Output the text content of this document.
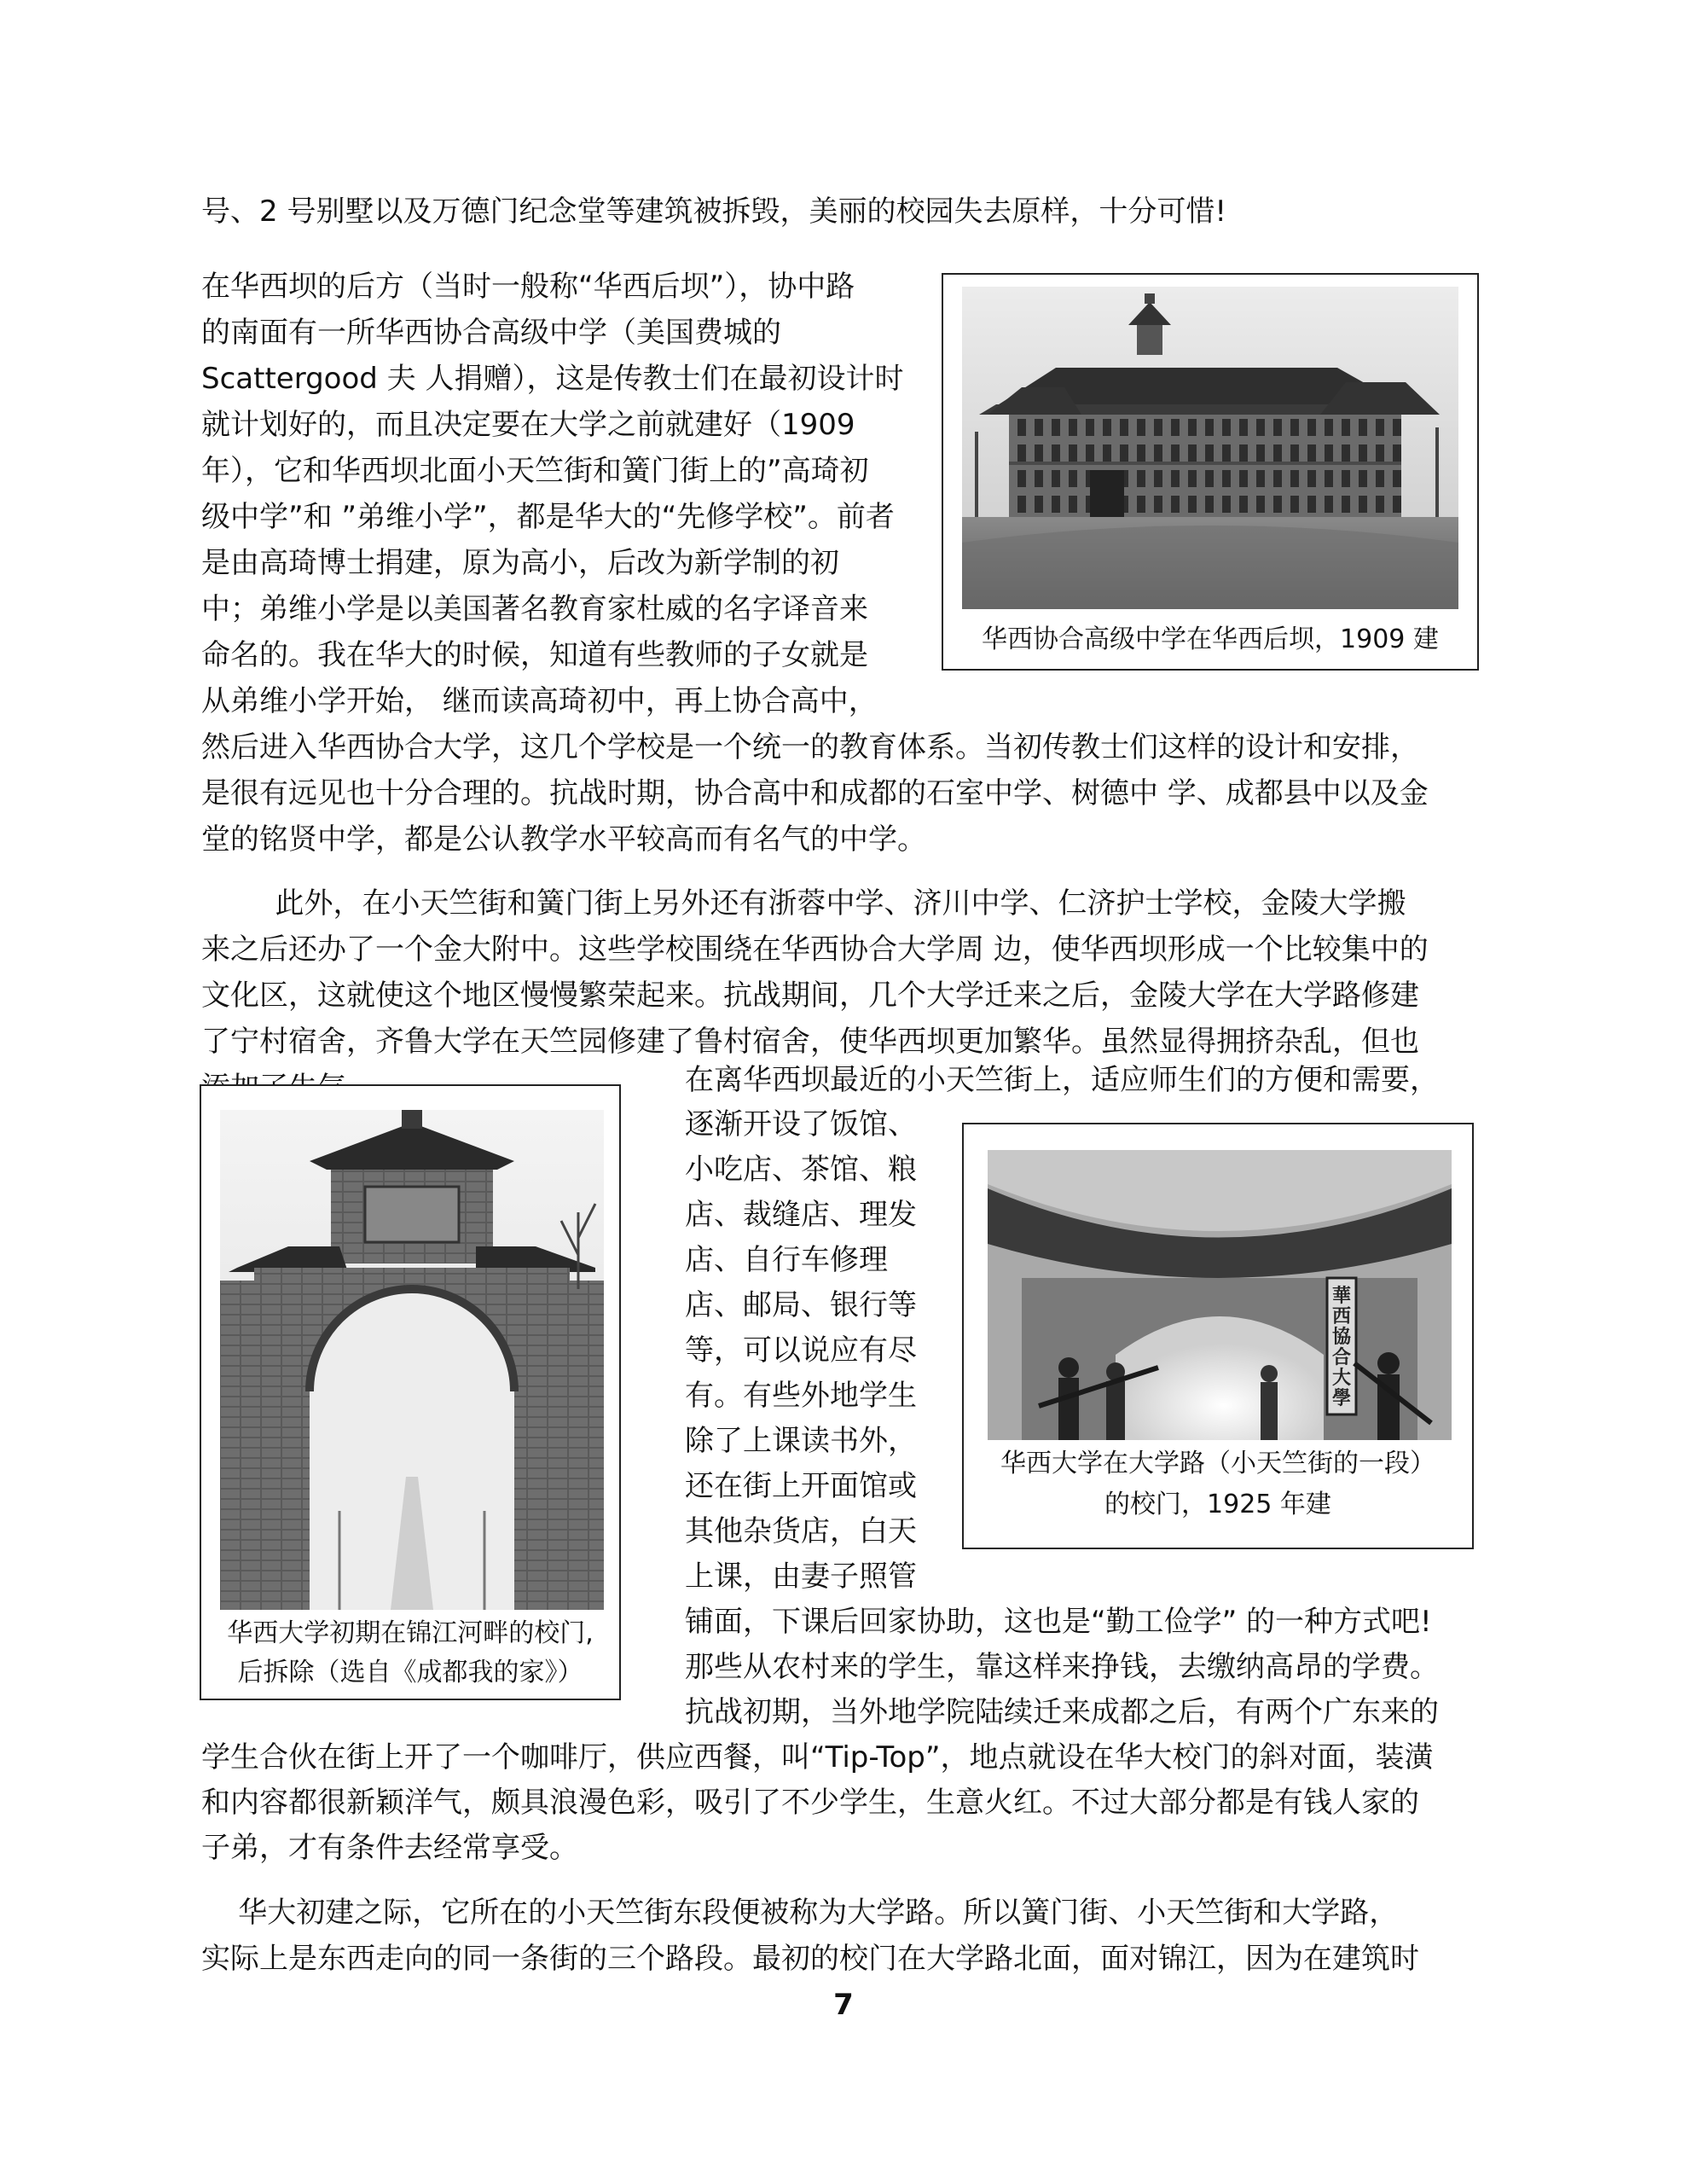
号、2 号别墅以及万德门纪念堂等建筑被拆毁，美丽的校园失去原样，十分可惜!
在华西坝的后方（当时一般称“华西后坝”），协中路
的南面有一所华西协合高级中学（美国费城的
Scattergood 夫 人捐赠），这是传教士们在最初设计时
就计划好的，而且决定要在大学之前就建好（1909
年），它和华西坝北面小天竺街和簧门街上的”高琦初
级中学”和 ”弟维小学”，都是华大的“先修学校”。前者
是由高琦博士捐建，原为高小，后改为新学制的初
中；弟维小学是以美国著名教育家杜威的名字译音来
命名的。我在华大的时候，知道有些教师的子女就是
从弟维小学开始， 继而读高琦初中，再上协合高中，
然后进入华西协合大学，这几个学校是一个统一的教育体系。当初传教士们这样的设计和安排，
是很有远见也十分合理的。抗战时期，协合高中和成都的石室中学、树德中 学、成都县中以及金
堂的铭贤中学，都是公认教学水平较高而有名气的中学。
此外，在小天竺街和簧门街上另外还有浙蓉中学、济川中学、仁济护士学校，金陵大学搬
来之后还办了一个金大附中。这些学校围绕在华西协合大学周 边，使华西坝形成一个比较集中的
文化区，这就使这个地区慢慢繁荣起来。抗战期间，几个大学迁来之后，金陵大学在大学路修建
了宁村宿舍，齐鲁大学在天竺园修建了鲁村宿舍，使华西坝更加繁华。虽然显得拥挤杂乱，但也
在离华西坝最近的小天竺街上，适应师生们的方便和需要，
逐渐开设了饭馆、
小吃店、茶馆、粮
店、裁缝店、理发
店、自行车修理
店、邮局、银行等
等，可以说应有尽
有。有些外地学生
除了上课读书外，
还在街上开面馆或
其他杂货店，白天
上课，由妻子照管
铺面，下课后回家协助，这也是“勤工俭学” 的一种方式吧!
那些从农村来的学生，靠这样来挣钱，去缴纳高昂的学费。
抗战初期，当外地学院陆续迁来成都之后，有两个广东来的
学生合伙在街上开了一个咖啡厅，供应西餐，叫“Tip-Top”，地点就设在华大校门的斜对面，装潢
和内容都很新颖洋气，颇具浪漫色彩，吸引了不少学生，生意火红。不过大部分都是有钱人家的
子弟，才有条件去经常享受。
华大初建之际，它所在的小天竺街东段便被称为大学路。所以簧门街、小天竺街和大学路，
实际上是东西走向的同一条街的三个路段。最初的校门在大学路北面，面对锦江，因为在建筑时
华西协合高级中学在华西后坝，1909 建
华西大学初期在锦江河畔的校门,
后拆除（选自《成都我的家》）
華西協合大學
华西大学在大学路（小天竺街的一段）
的校门，1925 年建
7
